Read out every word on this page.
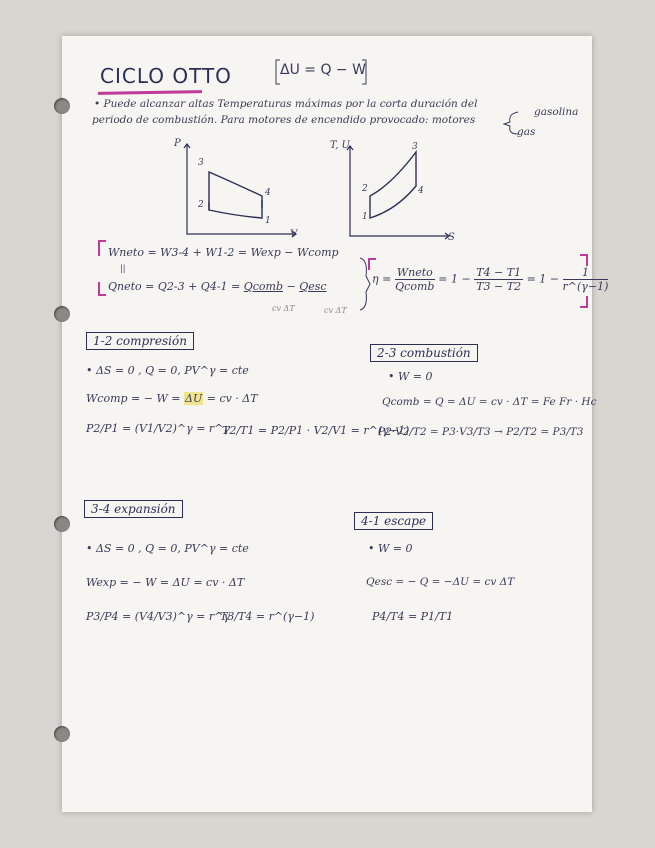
CICLO OTTO	ΔU = Q − W
• Puede alcanzar altas Temperaturas máximas por la corta duración del
periodo de combustión. Para motores de encendido provocado: motores
gasolina
gas
P
V
3
2
4
1
T, U
S
3
2	4
1
Wneto = W3-4 + W1-2 = Wexp − Wcomp
||
Qneto = Q2-3 + Q4-1 = Qcomb − Qesc
cv ΔT	cv ΔT
$\eta = \frac{\text{Wneto}}{\text{Qcomb}} = 1 - \frac{T4 - T1}{T3 - T2} = 1 - \frac{1}{r\^{}(\gamma-1)}$
1-2 compresión
• ΔS = 0 , Q = 0, PV^γ = cte
Wcomp = − W = ΔU = cv · ΔT
P2/P1 = (V1/V2)^γ = r^γ
T2/T1 = P2/P1 · V2/V1 = r^(γ−1)
2-3 combustión
• W = 0
Qcomb = Q = ΔU = cv · ΔT = Fe Fr · Hc
P2·V2/T2 = P3·V3/T3 → P2/T2 = P3/T3
3-4 expansión
• ΔS = 0 , Q = 0, PV^γ = cte
Wexp = − W = ΔU = cv · ΔT
P3/P4 = (V4/V3)^γ = r^γ
T3/T4 = r^(γ−1)
4-1 escape
• W = 0
Qesc = − Q = −ΔU = cv ΔT
P4/T4 = P1/T1
